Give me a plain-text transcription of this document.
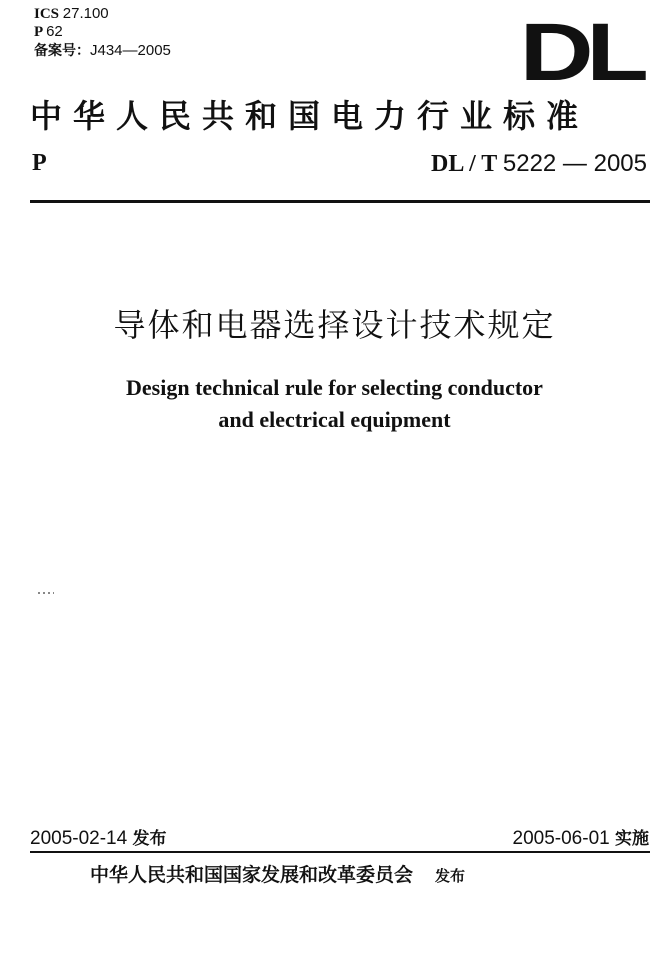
ICS 27.100
P 62
备案号：J434—2005	DL
中华人民共和国电力行业标准
P	DL / T 5222 — 2005
导体和电器选择设计技术规定
Design technical rule for selecting conductor
and electrical equipment
2005-02-14 发布	2005-06-01 实施
中华人民共和国国家发展和改革委员会 发布
